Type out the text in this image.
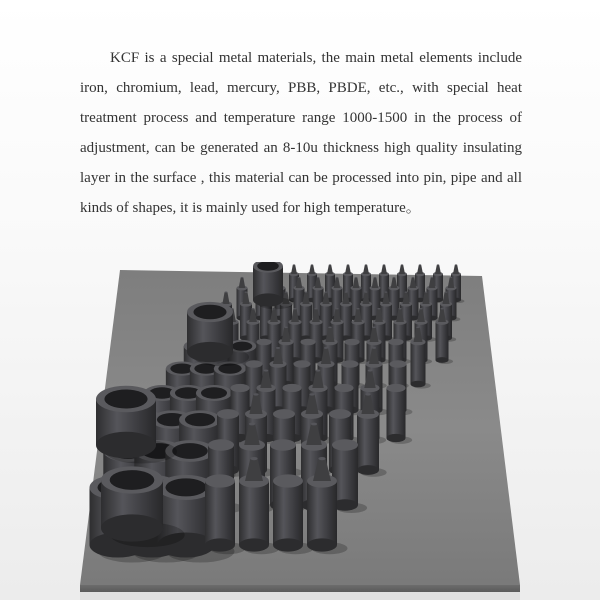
KCF is a special metal materials, the main metal elements include iron, chromium, lead, mercury, PBB, PBDE, etc., with special heat treatment process and temperature range 1000-1500 in the process of adjustment, can be generated an 8-10u thickness high quality insulating layer in the surface , this material can be processed into pin, pipe and all kinds of shapes, it is mainly used for high temperature。
